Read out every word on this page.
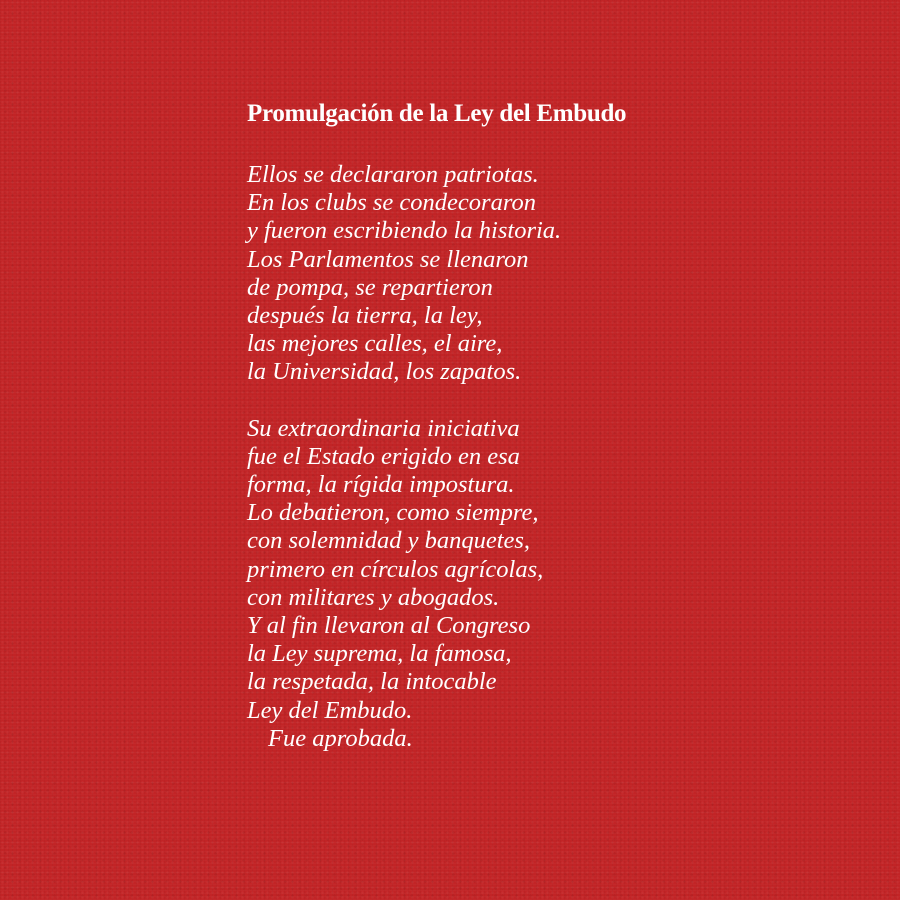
Promulgación de la Ley del Embudo
Ellos se declararon patriotas.
En los clubs se condecoraron
y fueron escribiendo la historia.
Los Parlamentos se llenaron
de pompa, se repartieron
después la tierra, la ley,
las mejores calles, el aire,
la Universidad, los zapatos.
Su extraordinaria iniciativa
fue el Estado erigido en esa
forma, la rígida impostura.
Lo debatieron, como siempre,
con solemnidad y banquetes,
primero en círculos agrícolas,
con militares y abogados.
Y al fin llevaron al Congreso
la Ley suprema, la famosa,
la respetada, la intocable
Ley del Embudo.
Fue aprobada.
